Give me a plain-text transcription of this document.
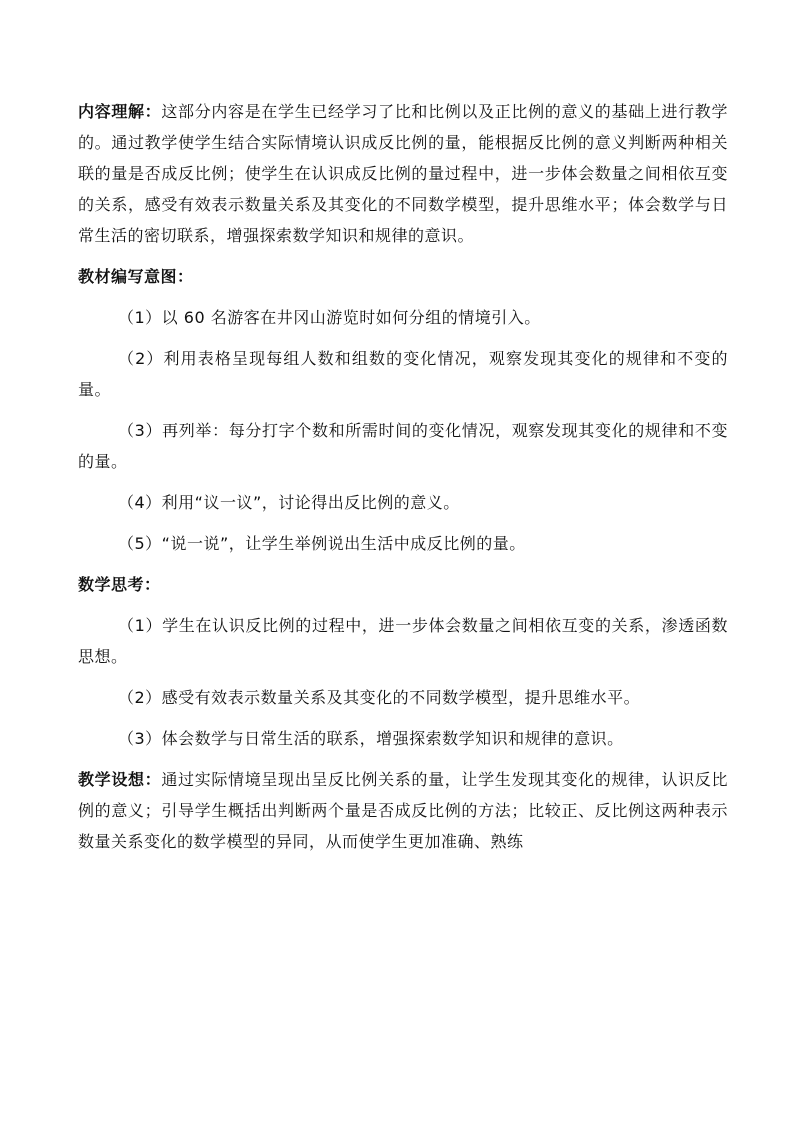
内容理解：这部分内容是在学生已经学习了比和比例以及正比例的意义的基础上进行教学的。通过教学使学生结合实际情境认识成反比例的量，能根据反比例的意义判断两种相关联的量是否成反比例；使学生在认识成反比例的量过程中，进一步体会数量之间相依互变的关系，感受有效表示数量关系及其变化的不同数学模型，提升思维水平；体会数学与日常生活的密切联系，增强探索数学知识和规律的意识。

教材编写意图：

（1）以 60 名游客在井冈山游览时如何分组的情境引入。

（2）利用表格呈现每组人数和组数的变化情况，观察发现其变化的规律和不变的量。

（3）再列举：每分打字个数和所需时间的变化情况，观察发现其变化的规律和不变的量。

（4）利用“议一议”，讨论得出反比例的意义。

（5）“说一说”，让学生举例说出生活中成反比例的量。

数学思考：

（1）学生在认识反比例的过程中，进一步体会数量之间相依互变的关系，渗透函数思想。

（2）感受有效表示数量关系及其变化的不同数学模型，提升思维水平。

（3）体会数学与日常生活的联系，增强探索数学知识和规律的意识。

教学设想：通过实际情境呈现出呈反比例关系的量，让学生发现其变化的规律，认识反比例的意义；引导学生概括出判断两个量是否成反比例的方法；比较正、反比例这两种表示数量关系变化的数学模型的异同，从而使学生更加准确、熟练
